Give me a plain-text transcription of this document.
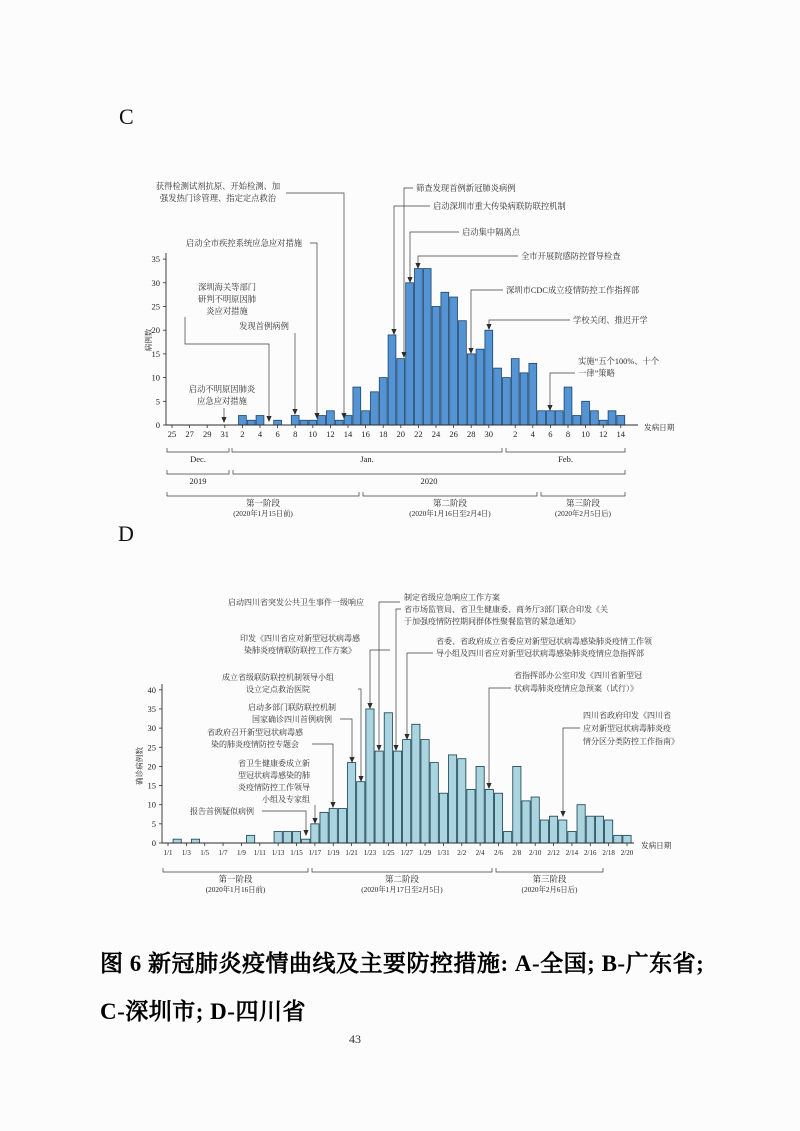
C
0
5
10
15
20
25
30
35
25 27 29 31 2 4 6 8 10 12 14 16 18 20 22 24 26 28 30 2 4 6 8 10 12 14
发病日期
病例数
Dec.	Jan.	Feb.
2019	2020
第一阶段
(2020年1月15日前)
第二阶段
(2020年1月16日至2月4日)
第三阶段
(2020年2月5日后)
获得检测试剂抗原、开始检测、加强发热门诊管理、指定定点救治
筛查发现首例新冠肺炎病例
启动深圳市重大传染病联防联控机制
启动集中隔离点
启动全市疾控系统应急应对措施
全市开展院感防控督导检查
深圳海关等部门研判不明原因肺炎应对措施
深圳市CDC成立疫情防控工作指挥部
学校关闭、推迟开学
发现首例病例
实施“五个100%、十个一律”策略
启动不明原因肺炎应急应对措施
0
5
10
15
20
25
30
35
40
1/1 1/3 1/5 1/7 1/9 1/11 1/13 1/15 1/17 1/19 1/21 1/23 1/25 1/27 1/29 1/31 2/2 2/4 2/6 2/8 2/10 2/12 2/14 2/16 2/18 2/20
发病日期
确诊病例数
第一阶段
(2020年1月16日前)
第二阶段
(2020年1月17日至2月5日)
第三阶段
(2020年2月6日后)
制定省级应急响应工作方案省市场监管局、省卫生健康委、商务厅3部门联合印发《关于加强疫情防控期间群体性聚餐监管的紧急通知》
启动四川省突发公共卫生事件一级响应
印发《四川省应对新型冠状病毒感染肺炎疫情联防联控工作方案》
省委、省政府成立省委应对新型冠状病毒感染肺炎疫情工作领导小组及四川省应对新型冠状病毒感染肺炎疫情应急指挥部
省指挥部办公室印发《四川省新型冠状病毒肺炎疫情应急预案（试行）》
成立省级联防联控机制领导小组设立定点救治医院
启动多部门联防联控机制国家确诊四川首例病例	四川省政府印发《四川省应对新型冠状病毒肺炎疫情分区分类防控工作指南》
省政府召开新型冠状病毒感染的肺炎疫情防控专题会
省卫生健康委成立新型冠状病毒感染的肺炎疫情防控工作领导小组及专家组
报告首例疑似病例
D
图 6 新冠肺炎疫情曲线及主要防控措施: A-全国; B-广东省;
C-深圳市; D-四川省
43
